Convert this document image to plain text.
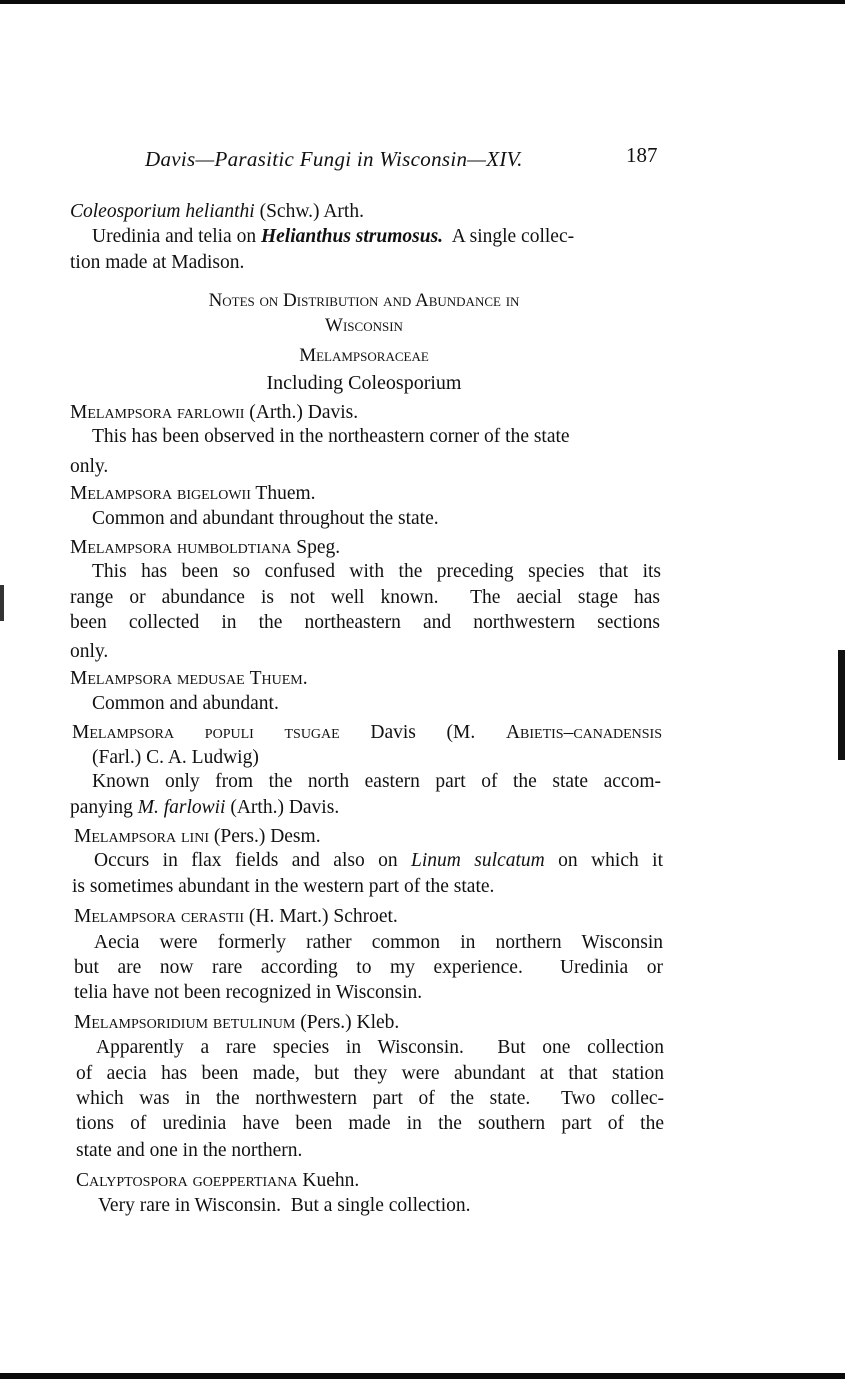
Davis—Parasitic Fungi in Wisconsin—XIV.	187
Coleosporium helianthi (Schw.) Arth.
Uredinia and telia on Helianthus strumosus.  A single collec-
tion made at Madison.
Notes on Distribution and Abundance in
Wisconsin
Melampsoraceae
Including Coleosporium
Melampsora farlowii (Arth.) Davis.
This has been observed in the northeastern corner of the state
only.
Melampsora bigelowii Thuem.
Common and abundant throughout the state.
Melampsora humboldtiana Speg.
This has been so confused with the preceding species that its
range or abundance is not well known.  The aecial stage has
been collected in the northeastern and northwestern sections
only.
Melampsora medusae Thuem.
Common and abundant.
Melampsora populi tsugae Davis (M. Abietis–canadensis
(Farl.) C. A. Ludwig)
Known only from the north eastern part of the state accom-
panying M. farlowii (Arth.) Davis.
Melampsora lini (Pers.) Desm.
Occurs in flax fields and also on Linum sulcatum on which it
is sometimes abundant in the western part of the state.
Melampsora cerastii (H. Mart.) Schroet.
Aecia were formerly rather common in northern Wisconsin
but are now rare according to my experience.  Uredinia or
telia have not been recognized in Wisconsin.
Melampsoridium betulinum (Pers.) Kleb.
Apparently a rare species in Wisconsin.  But one collection
of aecia has been made, but they were abundant at that station
which was in the northwestern part of the state.  Two collec-
tions of uredinia have been made in the southern part of the
state and one in the northern.
Calyptospora goeppertiana Kuehn.
Very rare in Wisconsin.  But a single collection.
